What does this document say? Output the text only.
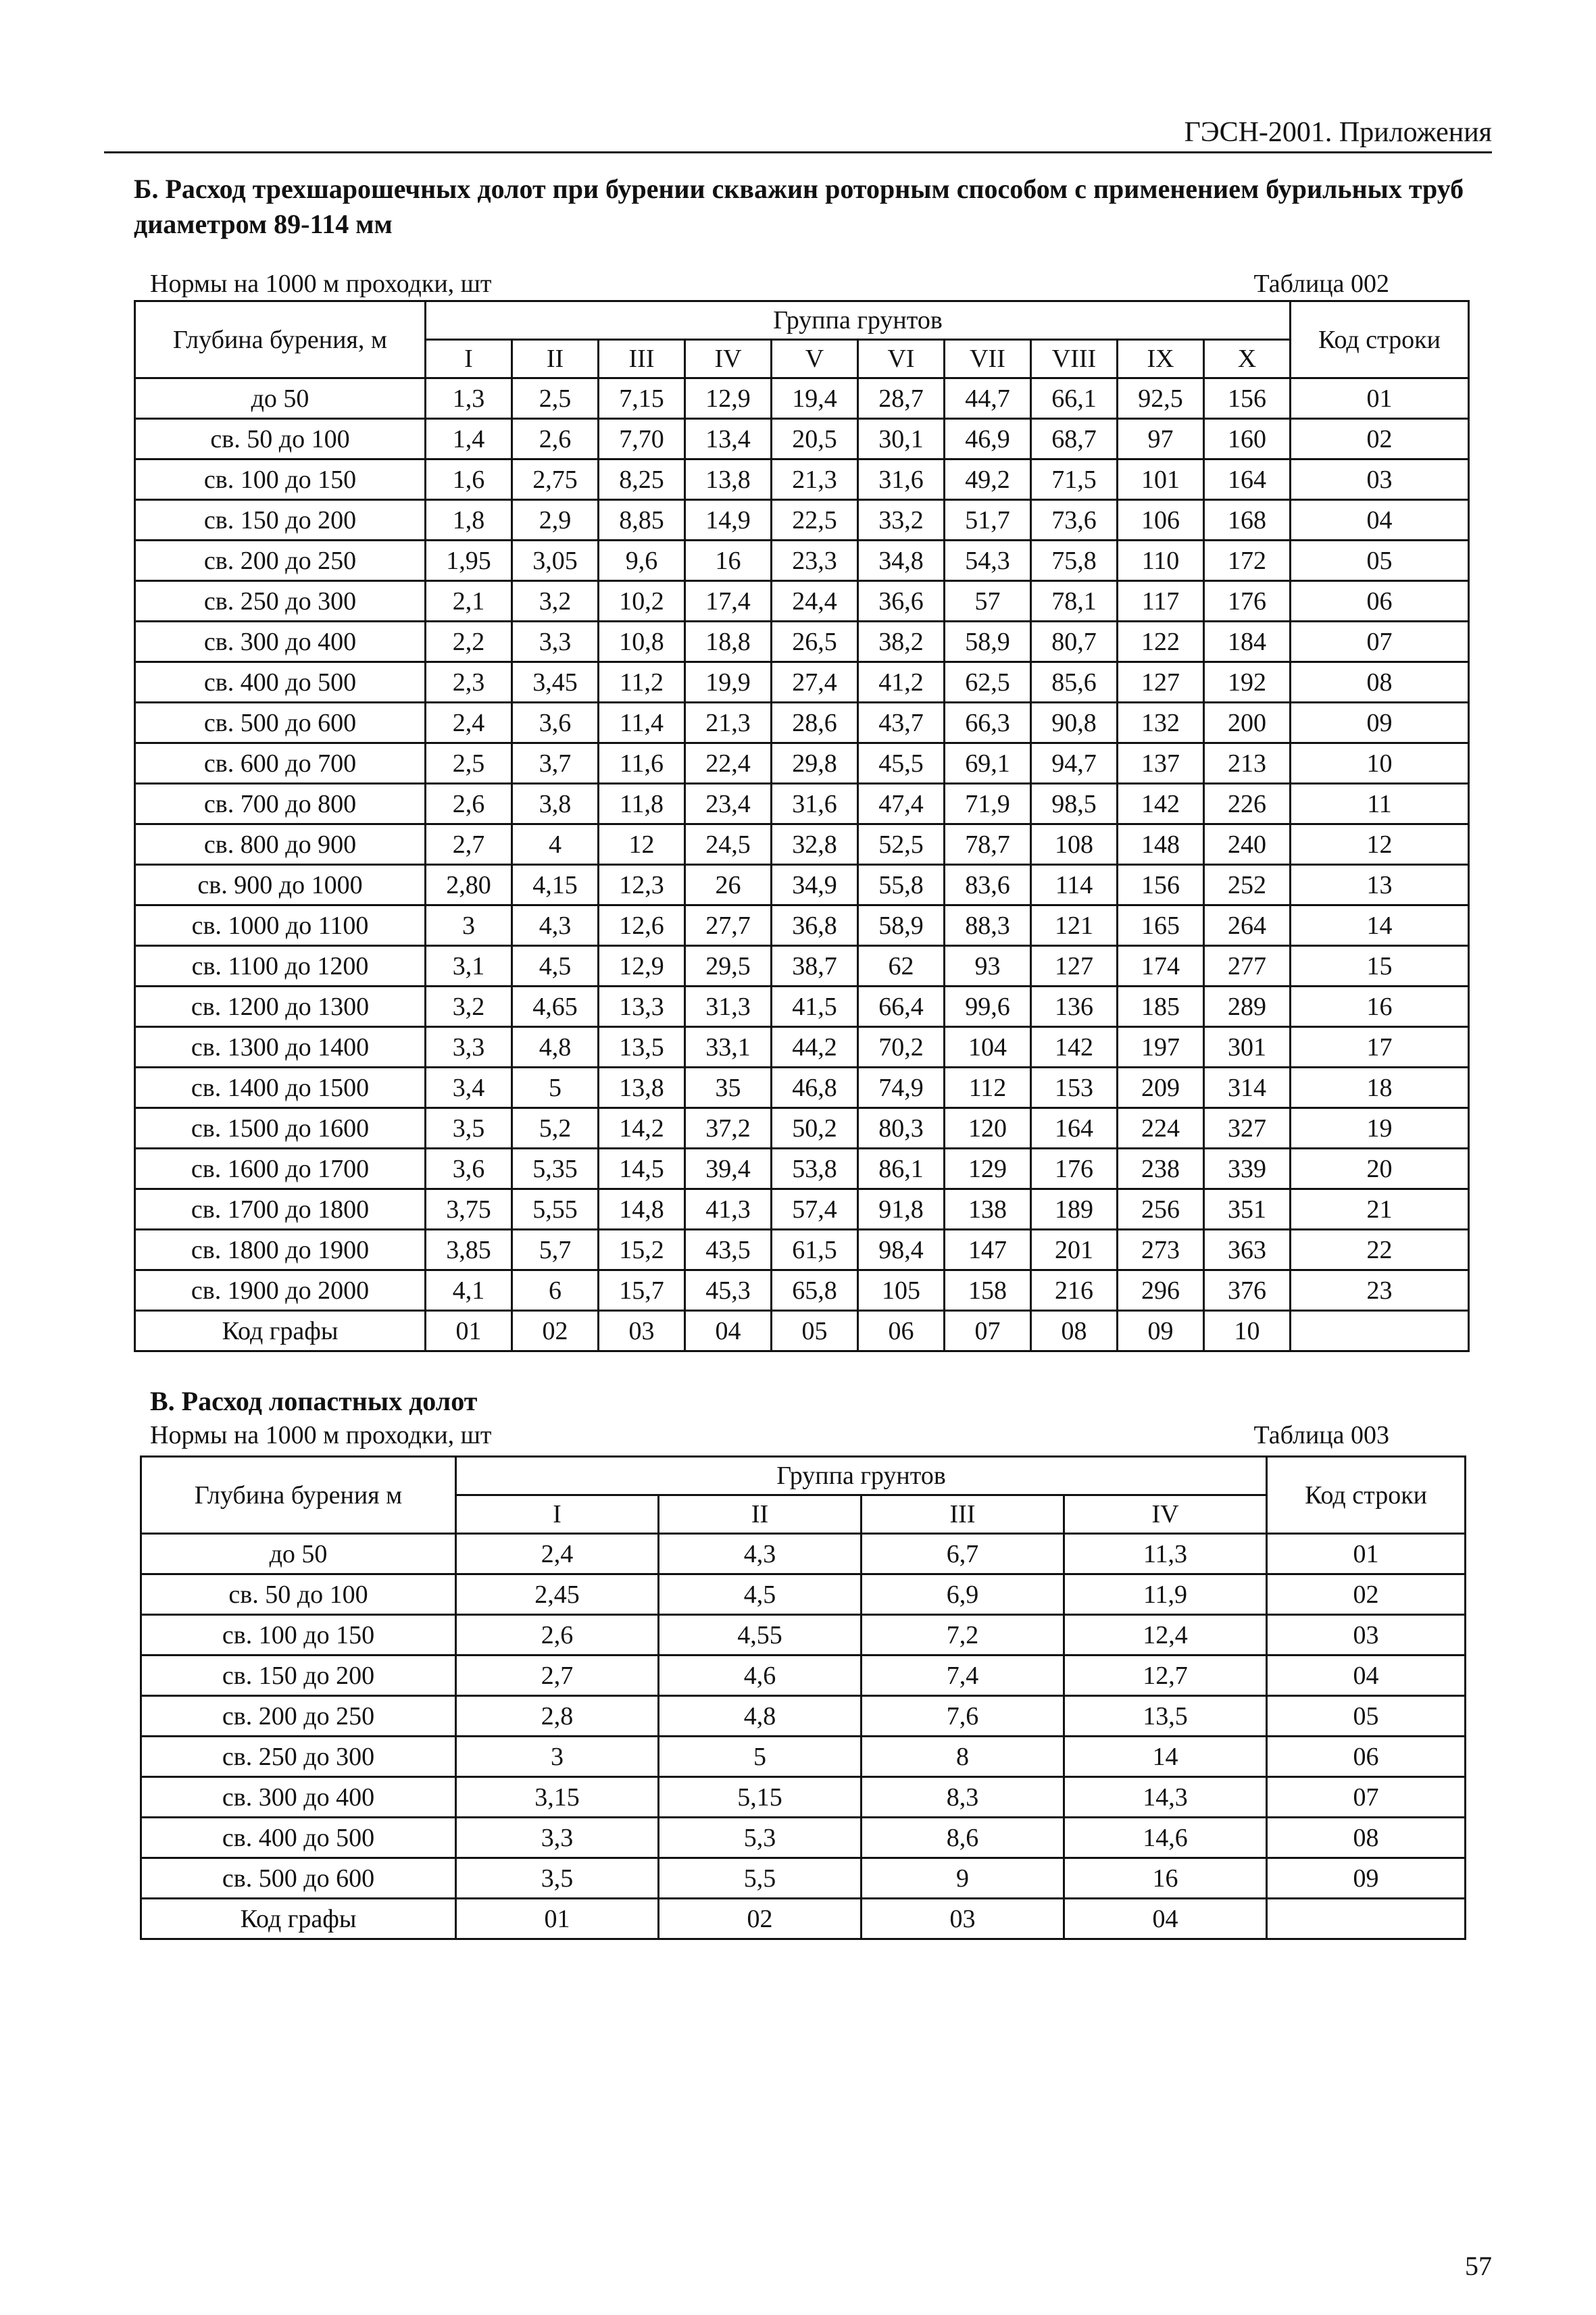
ГЭСН-2001. Приложения
Б. Расход трехшарошечных долот при бурении скважин роторным способом с применением бурильных труб диаметром 89-114 мм
Нормы на 1000 м проходки, шт	Таблица 002
Глубина бурения, м	Группа грунтов										Код строки
	I	II	III	IV	V	VI	VII	VIII	IX	X	
до 50	1,3	2,5	7,15	12,9	19,4	28,7	44,7	66,1	92,5	156	01
св. 50 до 100	1,4	2,6	7,70	13,4	20,5	30,1	46,9	68,7	97	160	02
св. 100 до 150	1,6	2,75	8,25	13,8	21,3	31,6	49,2	71,5	101	164	03
св. 150 до 200	1,8	2,9	8,85	14,9	22,5	33,2	51,7	73,6	106	168	04
св. 200 до 250	1,95	3,05	9,6	16	23,3	34,8	54,3	75,8	110	172	05
св. 250 до 300	2,1	3,2	10,2	17,4	24,4	36,6	57	78,1	117	176	06
св. 300 до 400	2,2	3,3	10,8	18,8	26,5	38,2	58,9	80,7	122	184	07
св. 400 до 500	2,3	3,45	11,2	19,9	27,4	41,2	62,5	85,6	127	192	08
св. 500 до 600	2,4	3,6	11,4	21,3	28,6	43,7	66,3	90,8	132	200	09
св. 600 до 700	2,5	3,7	11,6	22,4	29,8	45,5	69,1	94,7	137	213	10
св. 700 до 800	2,6	3,8	11,8	23,4	31,6	47,4	71,9	98,5	142	226	11
св. 800 до 900	2,7	4	12	24,5	32,8	52,5	78,7	108	148	240	12
св. 900 до 1000	2,80	4,15	12,3	26	34,9	55,8	83,6	114	156	252	13
св. 1000 до 1100	3	4,3	12,6	27,7	36,8	58,9	88,3	121	165	264	14
св. 1100 до 1200	3,1	4,5	12,9	29,5	38,7	62	93	127	174	277	15
св. 1200 до 1300	3,2	4,65	13,3	31,3	41,5	66,4	99,6	136	185	289	16
св. 1300 до 1400	3,3	4,8	13,5	33,1	44,2	70,2	104	142	197	301	17
св. 1400 до 1500	3,4	5	13,8	35	46,8	74,9	112	153	209	314	18
св. 1500 до 1600	3,5	5,2	14,2	37,2	50,2	80,3	120	164	224	327	19
св. 1600 до 1700	3,6	5,35	14,5	39,4	53,8	86,1	129	176	238	339	20
св. 1700 до 1800	3,75	5,55	14,8	41,3	57,4	91,8	138	189	256	351	21
св. 1800 до 1900	3,85	5,7	15,2	43,5	61,5	98,4	147	201	273	363	22
св. 1900 до 2000	4,1	6	15,7	45,3	65,8	105	158	216	296	376	23
Код графы	01	02	03	04	05	06	07	08	09	10	
В. Расход лопастных долот
Нормы на 1000 м проходки, шт	Таблица 003
Глубина бурения м	Группа грунтов				Код строки
	I	II	III	IV	
до 50	2,4	4,3	6,7	11,3	01
св. 50 до 100	2,45	4,5	6,9	11,9	02
св. 100 до 150	2,6	4,55	7,2	12,4	03
св. 150 до 200	2,7	4,6	7,4	12,7	04
св. 200 до 250	2,8	4,8	7,6	13,5	05
св. 250 до 300	3	5	8	14	06
св. 300 до 400	3,15	5,15	8,3	14,3	07
св. 400 до 500	3,3	5,3	8,6	14,6	08
св. 500 до 600	3,5	5,5	9	16	09
Код графы	01	02	03	04	
57
